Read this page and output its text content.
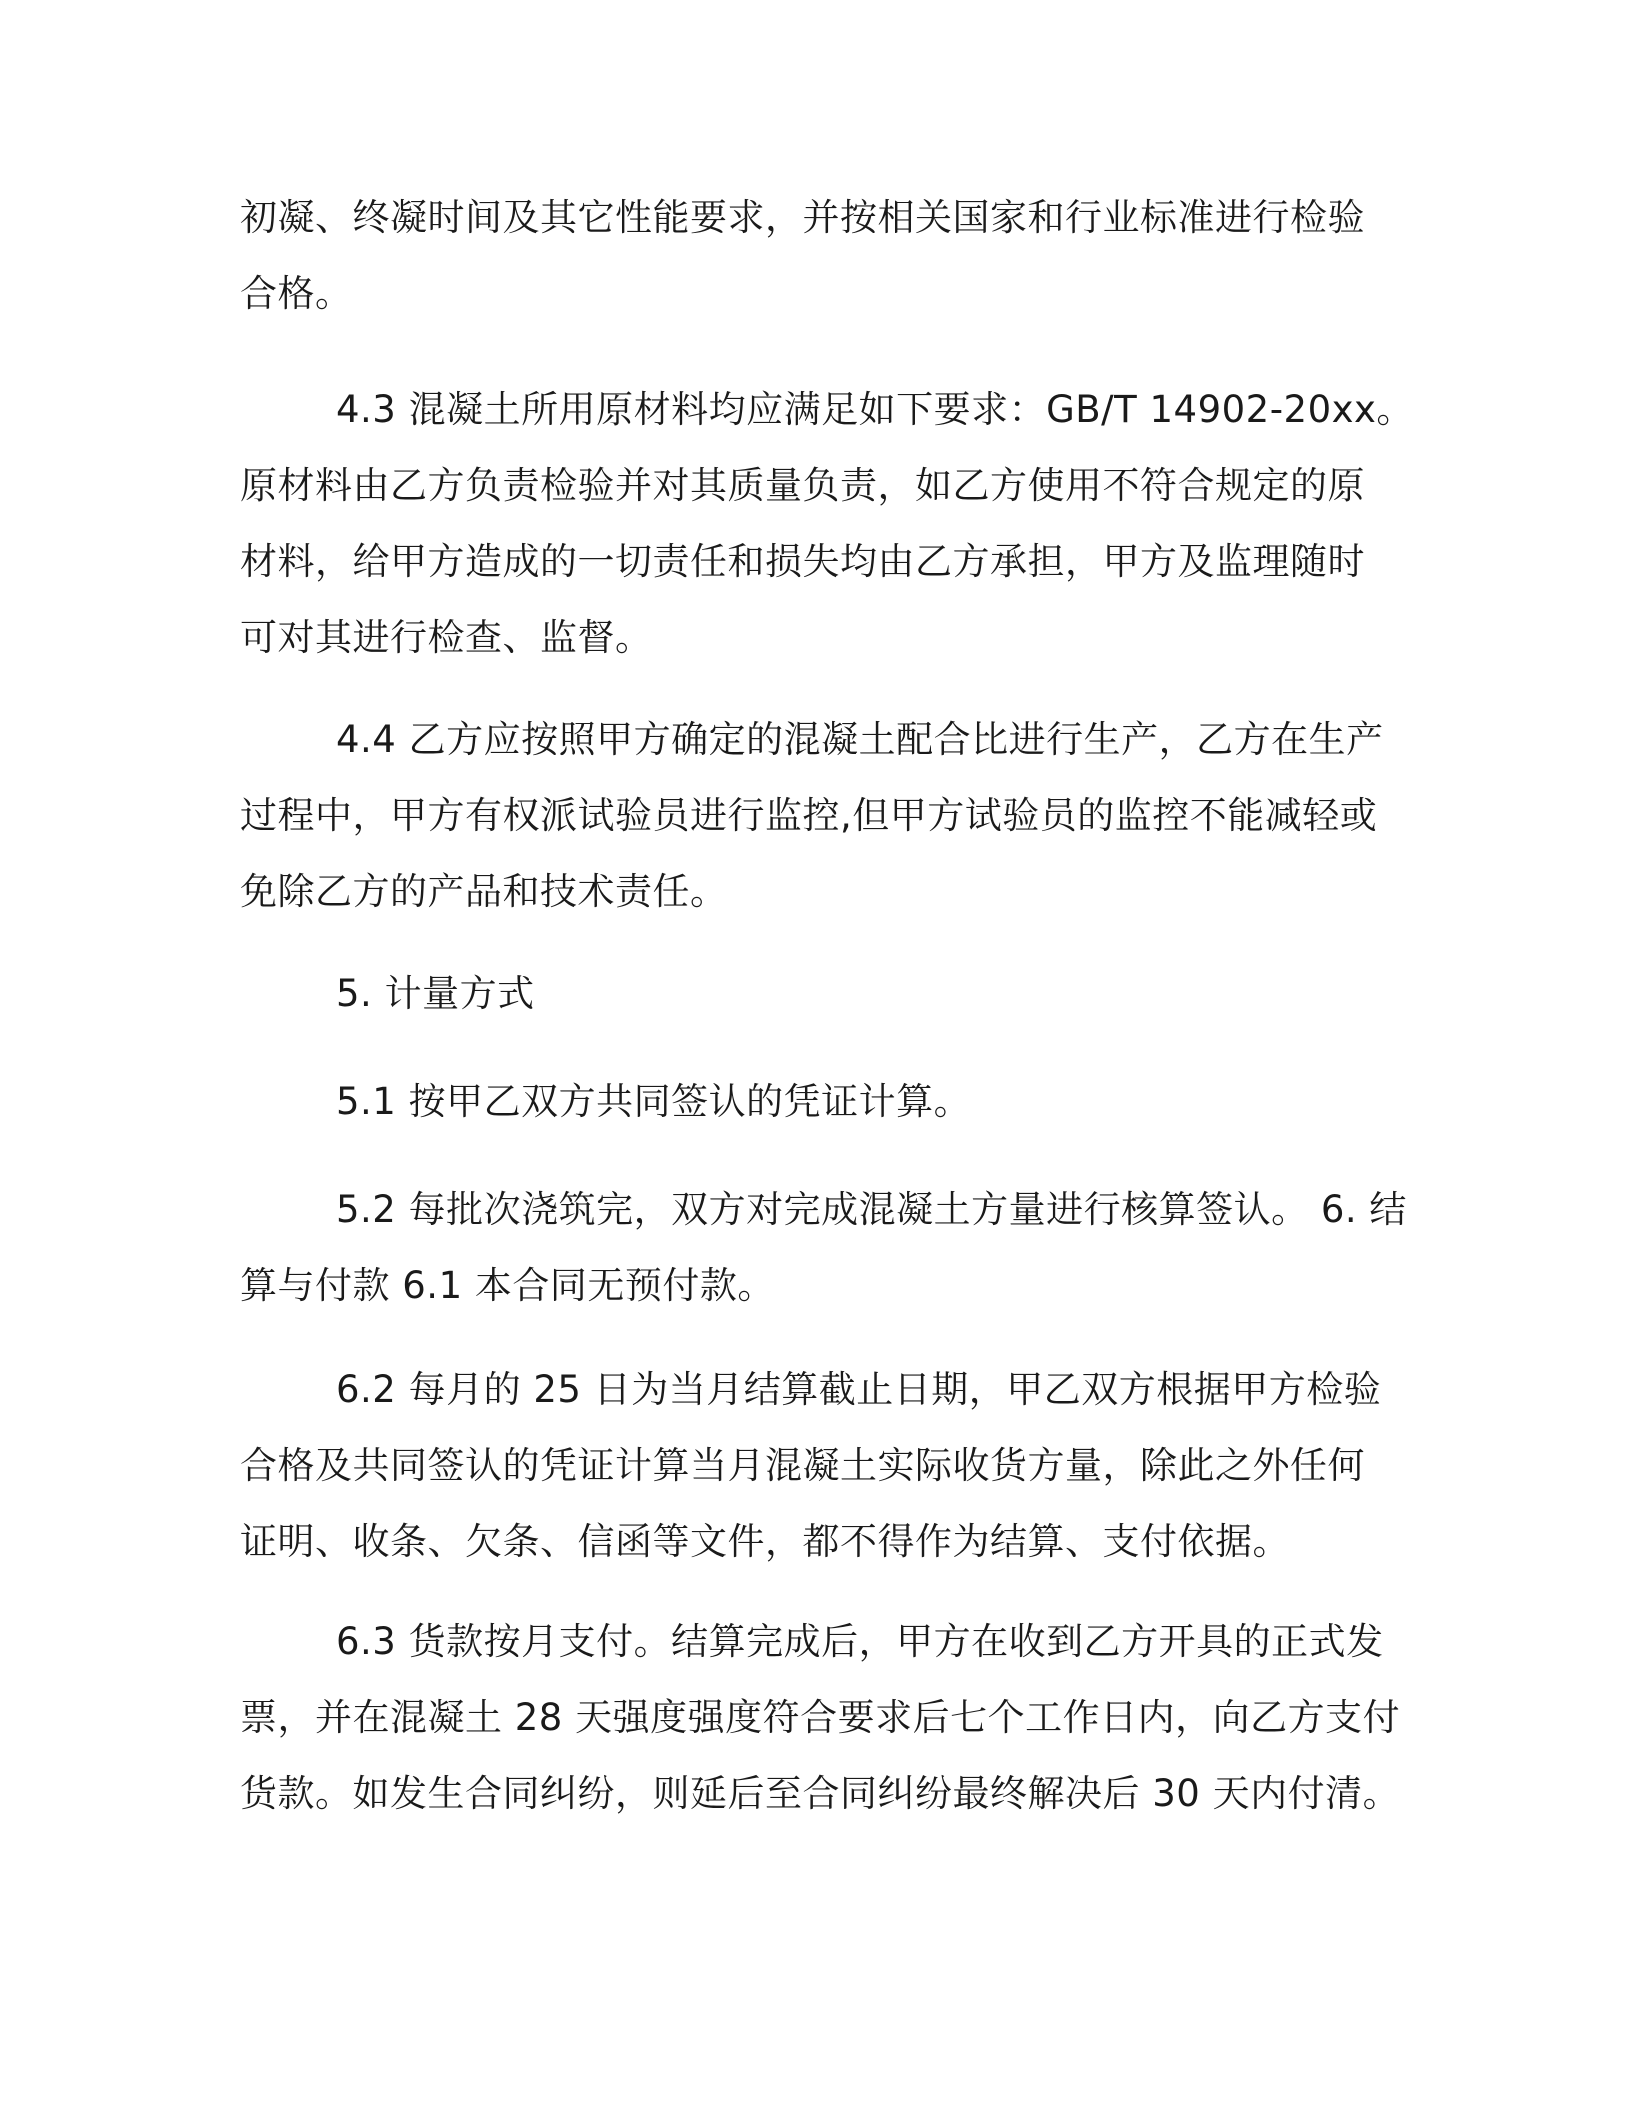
初凝、终凝时间及其它性能要求，并按相关国家和行业标准进行检验
合格。
4.3 混凝土所用原材料均应满足如下要求：GB/T 14902-20xx。
原材料由乙方负责检验并对其质量负责，如乙方使用不符合规定的原
材料，给甲方造成的一切责任和损失均由乙方承担，甲方及监理随时
可对其进行检查、监督。
4.4 乙方应按照甲方确定的混凝土配合比进行生产，乙方在生产
过程中，甲方有权派试验员进行监控,但甲方试验员的监控不能减轻或
免除乙方的产品和技术责任。
5. 计量方式
5.1 按甲乙双方共同签认的凭证计算。
5.2 每批次浇筑完，双方对完成混凝土方量进行核算签认。 6. 结
算与付款 6.1 本合同无预付款。
6.2 每月的 25 日为当月结算截止日期，甲乙双方根据甲方检验
合格及共同签认的凭证计算当月混凝土实际收货方量，除此之外任何
证明、收条、欠条、信函等文件，都不得作为结算、支付依据。
6.3 货款按月支付。结算完成后，甲方在收到乙方开具的正式发
票，并在混凝土 28 天强度强度符合要求后七个工作日内，向乙方支付
货款。如发生合同纠纷，则延后至合同纠纷最终解决后 30 天内付清。
